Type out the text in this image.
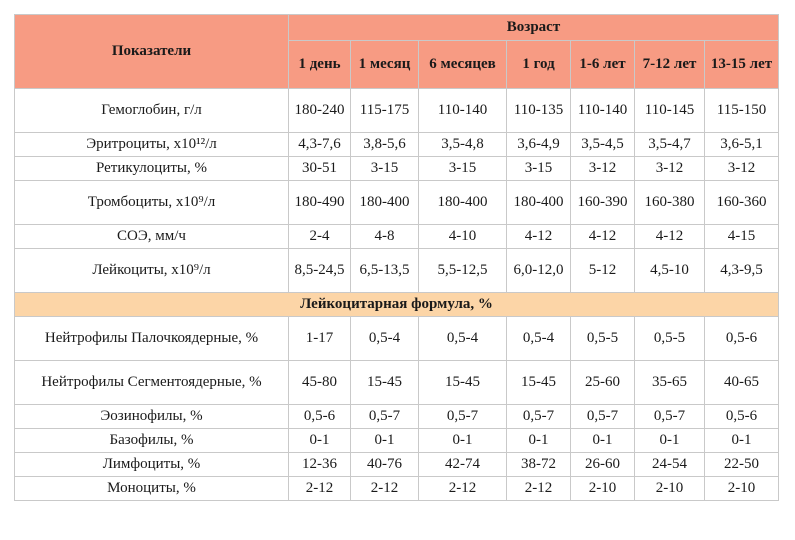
Показатели	Возраст						
	1 день	1 месяц	6 месяцев	1 год	1-6 лет	7-12 лет	13-15 лет
Гемоглобин, г/л	180-240	115-175	110-140	110-135	110-140	110-145	115-150
Эритроциты, x10¹²/л	4,3-7,6	3,8-5,6	3,5-4,8	3,6-4,9	3,5-4,5	3,5-4,7	3,6-5,1
Ретикулоциты, %	30-51	3-15	3-15	3-15	3-12	3-12	3-12
Тромбоциты, x10⁹/л	180-490	180-400	180-400	180-400	160-390	160-380	160-360
СОЭ, мм/ч	2-4	4-8	4-10	4-12	4-12	4-12	4-15
Лейкоциты, x10⁹/л	8,5-24,5	6,5-13,5	5,5-12,5	6,0-12,0	5-12	4,5-10	4,3-9,5
Лейкоцитарная формула, %							
Нейтрофилы Палочкоядерные, %	1-17	0,5-4	0,5-4	0,5-4	0,5-5	0,5-5	0,5-6
Нейтрофилы Сегментоядерные, %	45-80	15-45	15-45	15-45	25-60	35-65	40-65
Эозинофилы, %	0,5-6	0,5-7	0,5-7	0,5-7	0,5-7	0,5-7	0,5-6
Базофилы, %	0-1	0-1	0-1	0-1	0-1	0-1	0-1
Лимфоциты, %	12-36	40-76	42-74	38-72	26-60	24-54	22-50
Моноциты, %	2-12	2-12	2-12	2-12	2-10	2-10	2-10
